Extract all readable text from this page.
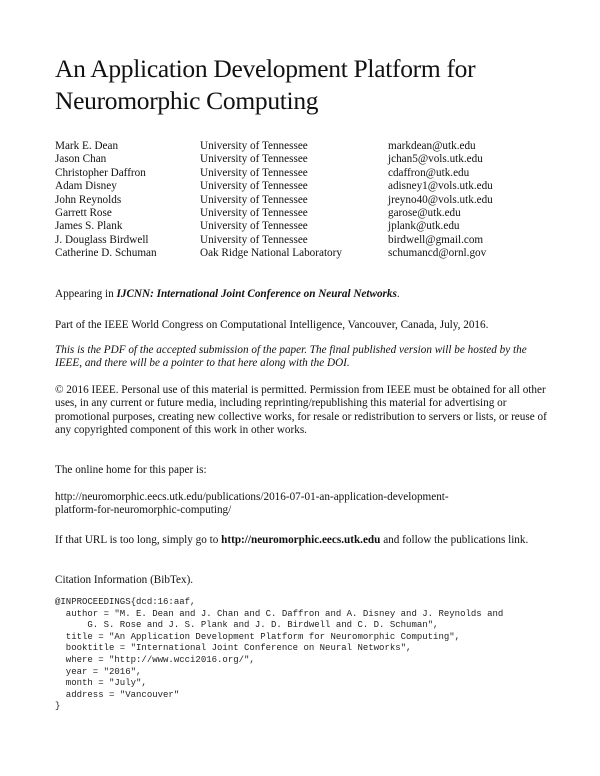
An Application Development Platform for
Neuromorphic Computing
Mark E. Dean	University of Tennessee	markdean@utk.edu
Jason Chan	University of Tennessee	jchan5@vols.utk.edu
Christopher Daffron	University of Tennessee	cdaffron@utk.edu
Adam Disney	University of Tennessee	adisney1@vols.utk.edu
John Reynolds	University of Tennessee	jreyno40@vols.utk.edu
Garrett Rose	University of Tennessee	garose@utk.edu
James S. Plank	University of Tennessee	jplank@utk.edu
J. Douglass Birdwell	University of Tennessee	birdwell@gmail.com
Catherine D. Schuman	Oak Ridge National Laboratory	schumancd@ornl.gov
Appearing in IJCNN: International Joint Conference on Neural Networks.
Part of the IEEE World Congress on Computational Intelligence, Vancouver, Canada, July, 2016.
This is the PDF of the accepted submission of the paper. The final published version will be hosted by the IEEE, and there will be a pointer to that here along with the DOI.
© 2016 IEEE. Personal use of this material is permitted. Permission from IEEE must be obtained for all other uses, in any current or future media, including reprinting/republishing this material for advertising or promotional purposes, creating new collective works, for resale or redistribution to servers or lists, or reuse of any copyrighted component of this work in other works.
The online home for this paper is:
http://neuromorphic.eecs.utk.edu/publications/2016-07-01-an-application-development-
platform-for-neuromorphic-computing/
If that URL is too long, simply go to http://neuromorphic.eecs.utk.edu and follow the publications link.
Citation Information (BibTex).
@INPROCEEDINGS{dcd:16:aaf,
author = "M. E. Dean and J. Chan and C. Daffron and A. Disney and J. Reynolds and
G. S. Rose and J. S. Plank and J. D. Birdwell and C. D. Schuman",
title = "An Application Development Platform for Neuromorphic Computing",
booktitle = "International Joint Conference on Neural Networks",
where = "http://www.wcci2016.org/",
year = "2016",
month = "July",
address = "Vancouver"
}
